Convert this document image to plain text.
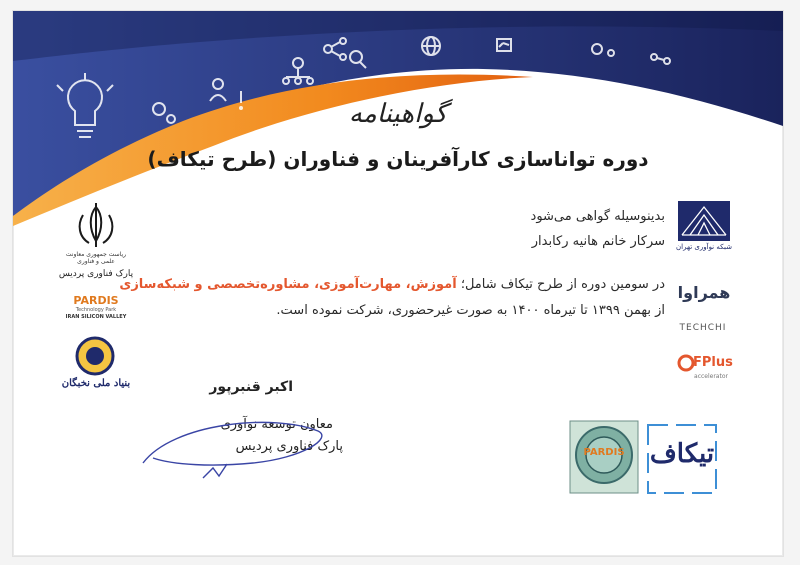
گواهینامه
دوره توانا‌سازی کارآفرینان و فناوران (طرح تیکاف)
بدینوسیله گواهی می‌شود
سرکار خانم هانیه رکابدار
در سومین دوره از طرح تیکاف شامل؛ آموزش، مهارت‌آموزی، مشاوره‌تخصصی و شبکه‌سازی
از بهمن ۱۳۹۹ تا تیرماه ۱۴۰۰ به صورت غیرحضوری، شرکت نموده است.
اکبر قنبرپور
معاون توسعه نوآوری
پارک فناوری پردیس
ریاست جمهوری معاونت علمی و فناوری
پارک فناوری پردیس
PARDIS
Technology Park
IRAN SILICON VALLEY
بنیاد ملی نخبگان
شبکه نوآوری تهران
همراوا
TECHCHI
FPlus
accelerator
PARDIS تیکاف
